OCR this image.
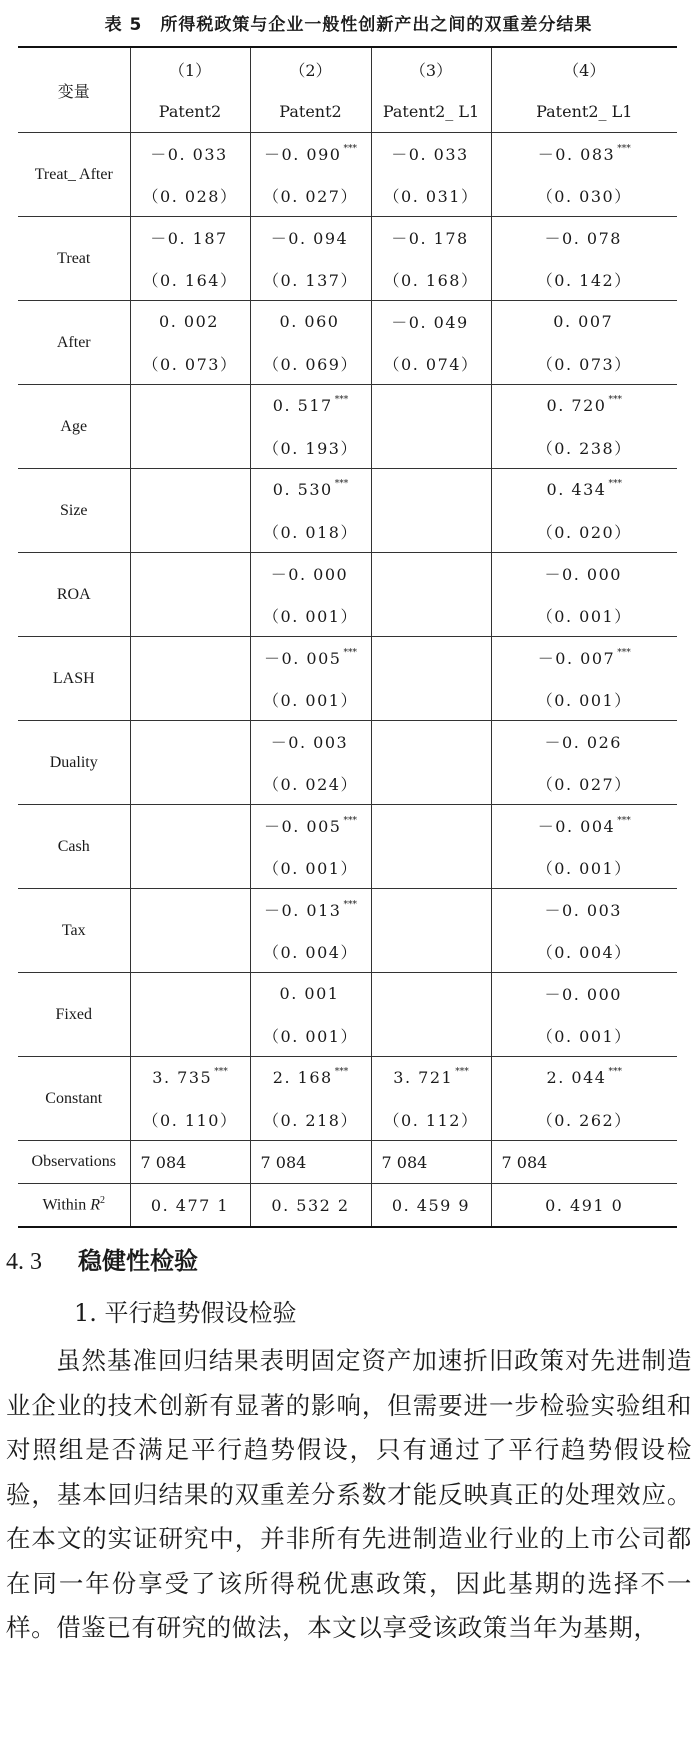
表 5　所得税政策与企业一般性创新产出之间的双重差分结果
变量	（1）	（2）	（3）	（4）
	Patent2	Patent2	Patent2_ L1	Patent2_ L1
Treat_ After	－0. 033	－0. 090 ***	－0. 033	－0. 083 ***
	（0. 028）	（0. 027）	（0. 031）	（0. 030）
Treat	－0. 187	－0. 094	－0. 178	－0. 078
	（0. 164）	（0. 137）	（0. 168）	（0. 142）
After	0. 002	0. 060	－0. 049	0. 007
	（0. 073）	（0. 069）	（0. 074）	（0. 073）
Age		0. 517 ***		0. 720 ***
		（0. 193）		（0. 238）
Size		0. 530 ***		0. 434 ***
		（0. 018）		（0. 020）
ROA		－0. 000		－0. 000
		（0. 001）		（0. 001）
LASH		－0. 005 ***		－0. 007 ***
		（0. 001）		（0. 001）
Duality		－0. 003		－0. 026
		（0. 024）		（0. 027）
Cash		－0. 005 ***		－0. 004 ***
		（0. 001）		（0. 001）
Tax		－0. 013 ***		－0. 003
		（0. 004）		（0. 004）
Fixed		0. 001		－0. 000
		（0. 001）		（0. 001）
Constant	3. 735 ***	2. 168 ***	3. 721 ***	2. 044 ***
	（0. 110）	（0. 218）	（0. 112）	（0. 262）
Observations	7 084	7 084	7 084	7 084
Within $R^2$	0. 477 1	0. 532 2	0. 459 9	0. 491 0
4. 3 稳健性检验
1. 平行趋势假设检验
虽然基准回归结果表明固定资产加速折旧政策对先进制造业企业的技术创新有显著的影响，但需要进一步检验实验组和对照组是否满足平行趋势假设，只有通过了平行趋势假设检验，基本回归结果的双重差分系数才能反映真正的处理效应。在本文的实证研究中，并非所有先进制造业行业的上市公司都在同一年份享受了该所得税优惠政策，因此基期的选择不一样。借鉴已有研究的做法，本文以享受该政策当年为基期，
